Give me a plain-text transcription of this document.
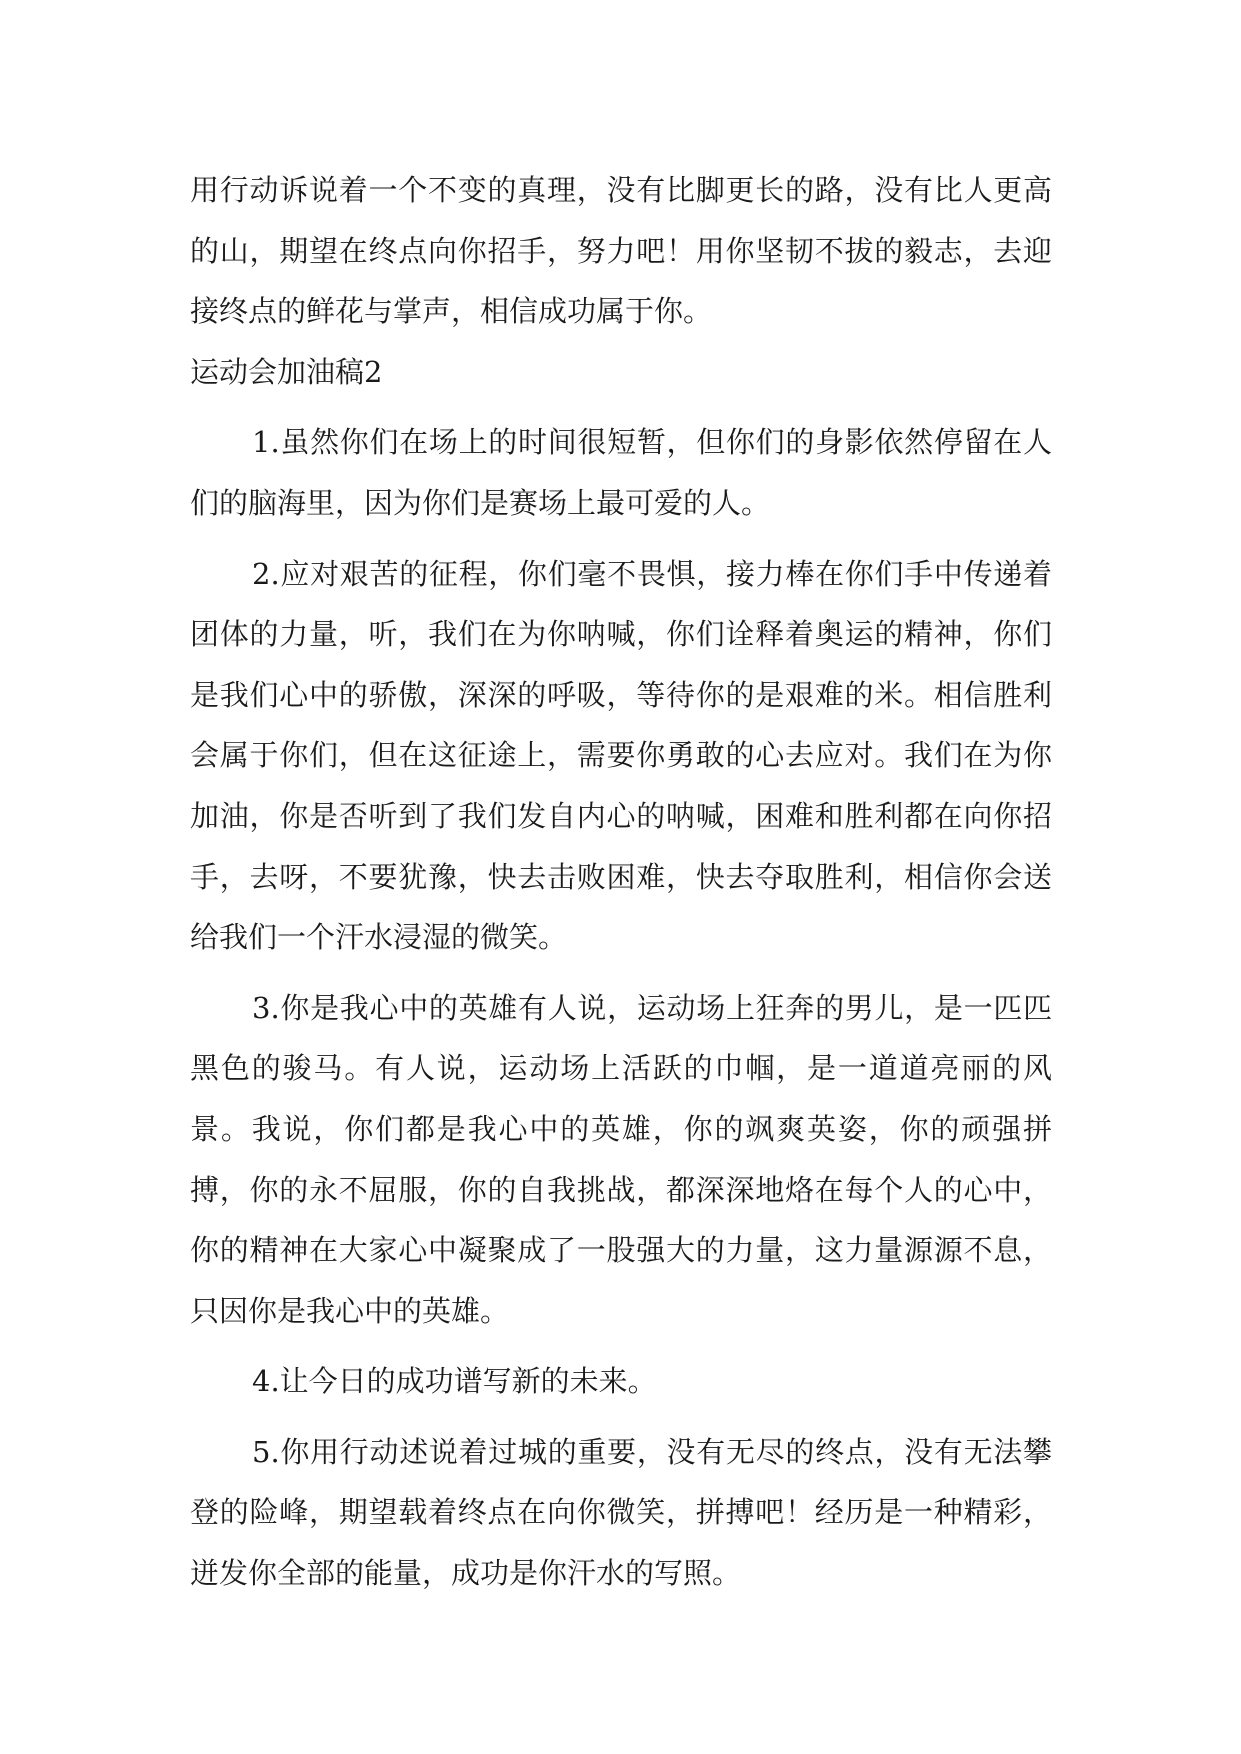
用行动诉说着一个不变的真理，没有比脚更长的路，没有比人更高的山，期望在终点向你招手，努力吧！用你坚韧不拔的毅志，去迎接终点的鲜花与掌声，相信成功属于你。

运动会加油稿2

1.虽然你们在场上的时间很短暂，但你们的身影依然停留在人们的脑海里，因为你们是赛场上最可爱的人。

2.应对艰苦的征程，你们毫不畏惧，接力棒在你们手中传递着团体的力量，听，我们在为你呐喊，你们诠释着奥运的精神，你们是我们心中的骄傲，深深的呼吸，等待你的是艰难的米。相信胜利会属于你们，但在这征途上，需要你勇敢的心去应对。我们在为你加油，你是否听到了我们发自内心的呐喊，困难和胜利都在向你招手，去呀，不要犹豫，快去击败困难，快去夺取胜利，相信你会送给我们一个汗水浸湿的微笑。

3.你是我心中的英雄有人说，运动场上狂奔的男儿，是一匹匹黑色的骏马。有人说，运动场上活跃的巾帼，是一道道亮丽的风景。我说，你们都是我心中的英雄，你的飒爽英姿，你的顽强拼搏，你的永不屈服，你的自我挑战，都深深地烙在每个人的心中，你的精神在大家心中凝聚成了一股强大的力量，这力量源源不息，只因你是我心中的英雄。

4.让今日的成功谱写新的未来。

5.你用行动述说着过城的重要，没有无尽的终点，没有无法攀登的险峰，期望载着终点在向你微笑，拼搏吧！经历是一种精彩，迸发你全部的能量，成功是你汗水的写照。
